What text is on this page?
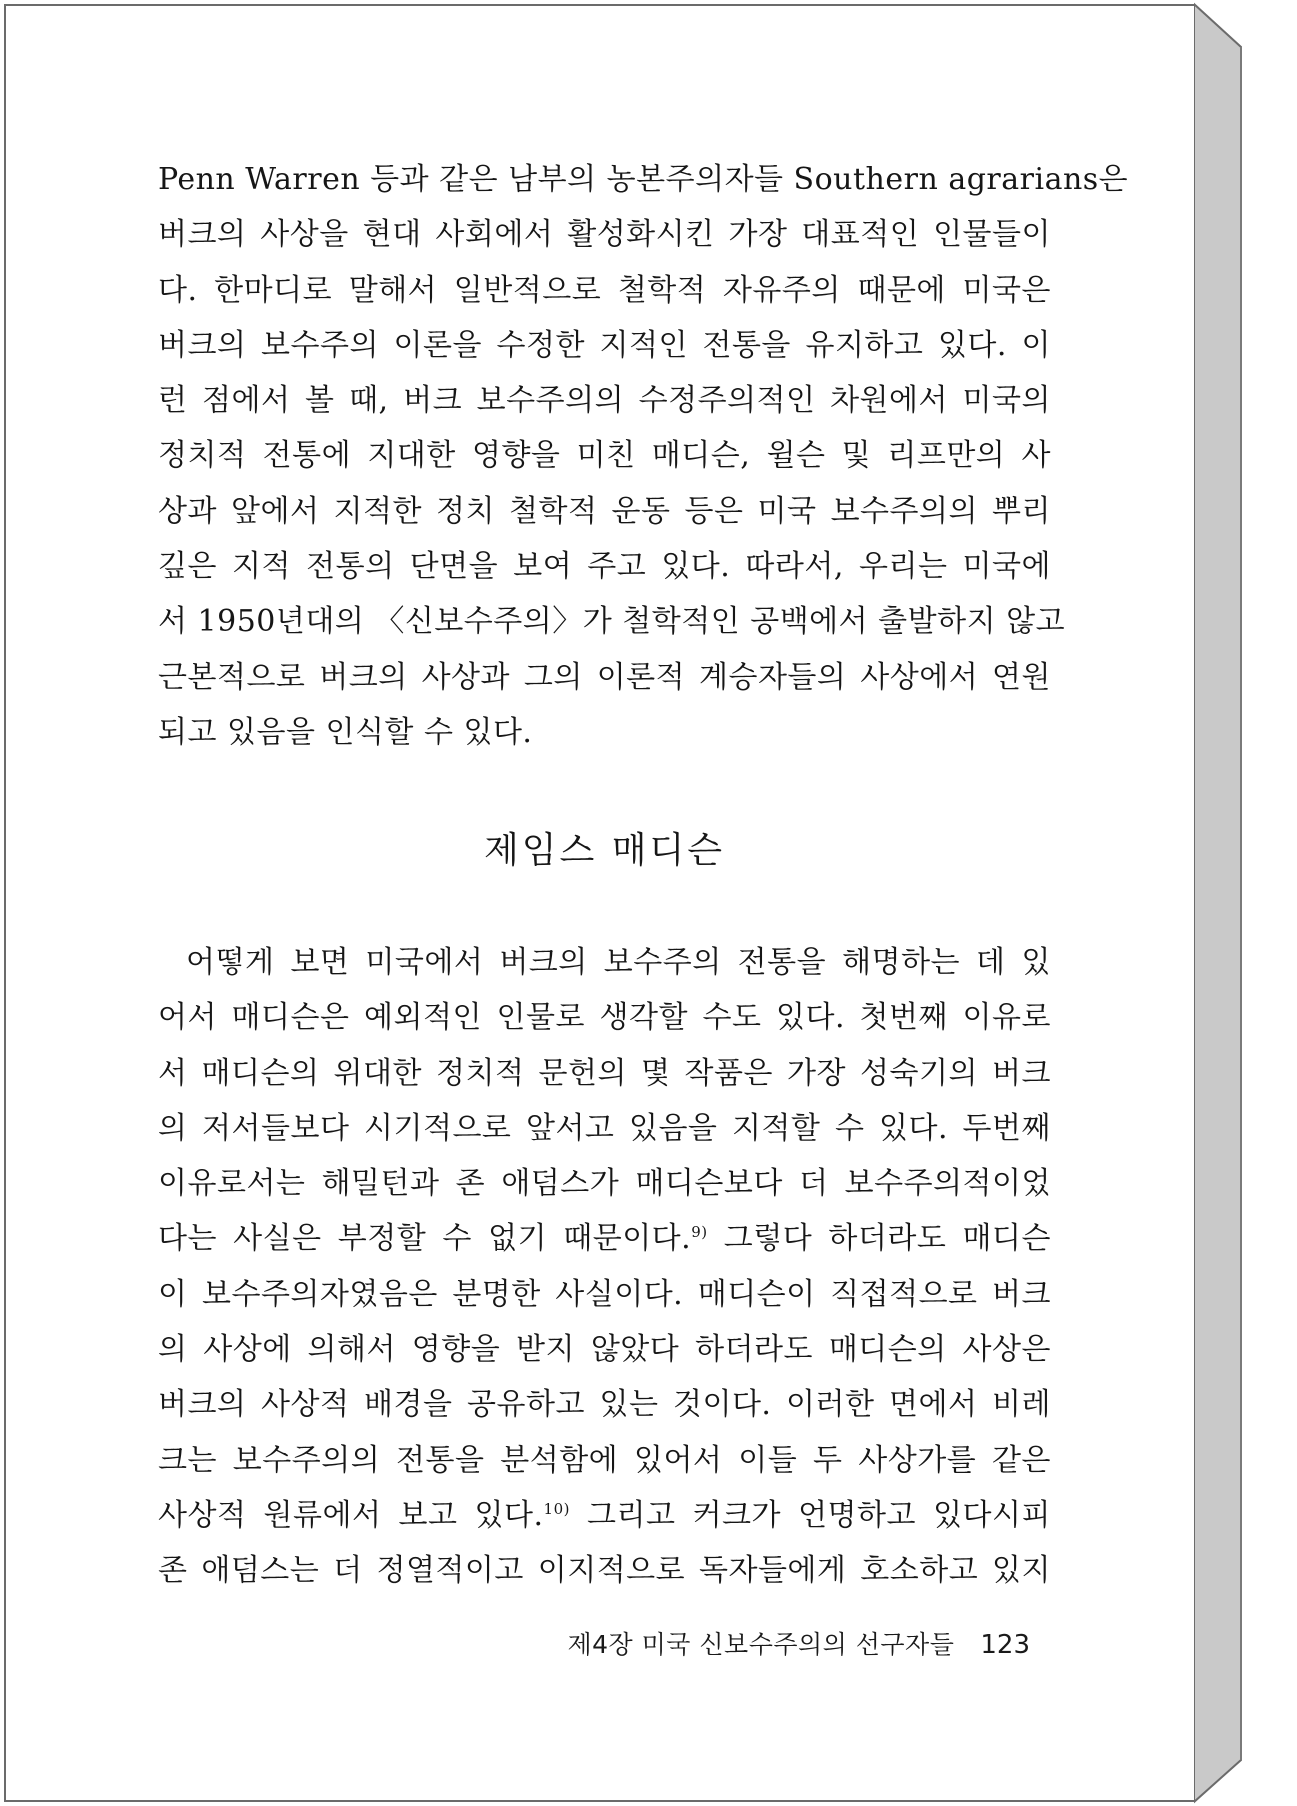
Penn Warren 등과 같은 남부의 농본주의자들 Southern agrarians은
버크의 사상을 현대 사회에서 활성화시킨 가장 대표적인 인물들이
다. 한마디로 말해서 일반적으로 철학적 자유주의 때문에 미국은
버크의 보수주의 이론을 수정한 지적인 전통을 유지하고 있다. 이
런 점에서 볼 때, 버크 보수주의의 수정주의적인 차원에서 미국의
정치적 전통에 지대한 영향을 미친 매디슨, 윌슨 및 리프만의 사
상과 앞에서 지적한 정치 철학적 운동 등은 미국 보수주의의 뿌리
깊은 지적 전통의 단면을 보여 주고 있다. 따라서, 우리는 미국에
서 1950년대의 〈신보수주의〉가 철학적인 공백에서 출발하지 않고
근본적으로 버크의 사상과 그의 이론적 계승자들의 사상에서 연원
되고 있음을 인식할 수 있다.
제임스 매디슨
어떻게 보면 미국에서 버크의 보수주의 전통을 해명하는 데 있
어서 매디슨은 예외적인 인물로 생각할 수도 있다. 첫번째 이유로
서 매디슨의 위대한 정치적 문헌의 몇 작품은 가장 성숙기의 버크
의 저서들보다 시기적으로 앞서고 있음을 지적할 수 있다. 두번째
이유로서는 해밀턴과 존 애덤스가 매디슨보다 더 보수주의적이었
다는 사실은 부정할 수 없기 때문이다.$^{9)}$ 그렇다 하더라도 매디슨
이 보수주의자였음은 분명한 사실이다. 매디슨이 직접적으로 버크
의 사상에 의해서 영향을 받지 않았다 하더라도 매디슨의 사상은
버크의 사상적 배경을 공유하고 있는 것이다. 이러한 면에서 비레
크는 보수주의의 전통을 분석함에 있어서 이들 두 사상가를 같은
사상적 원류에서 보고 있다.$^{10)}$ 그리고 커크가 언명하고 있다시피
존 애덤스는 더 정열적이고 이지적으로 독자들에게 호소하고 있지
제4장 미국 신보수주의의 선구자들 123
